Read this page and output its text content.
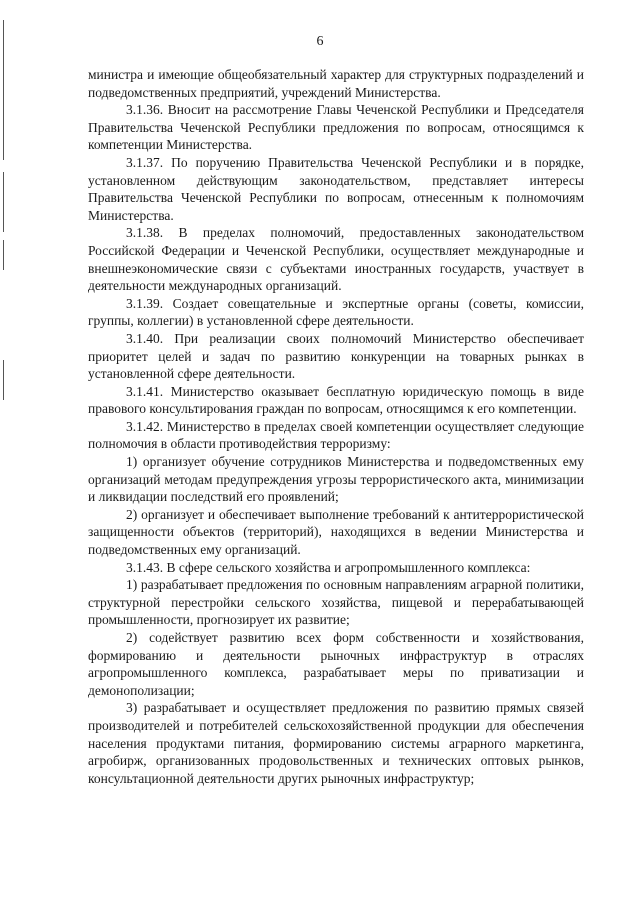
6

министра и имеющие общеобязательный характер для структурных подразделений и подведомственных предприятий, учреждений Министерства.

3.1.36. Вносит на рассмотрение Главы Чеченской Республики и Председателя Правительства Чеченской Республики предложения по вопросам, относящимся к компетенции Министерства.

3.1.37. По поручению Правительства Чеченской Республики и в порядке, установленном действующим законодательством, представляет интересы Правительства Чеченской Республики по вопросам, отнесенным к полномочиям Министерства.

3.1.38. В пределах полномочий, предоставленных законодательством Российской Федерации и Чеченской Республики, осуществляет международные и внешнеэкономические связи с субъектами иностранных государств, участвует в деятельности международных организаций.

3.1.39. Создает совещательные и экспертные органы (советы, комиссии, группы, коллегии) в установленной сфере деятельности.

3.1.40. При реализации своих полномочий Министерство обеспечивает приоритет целей и задач по развитию конкуренции на товарных рынках в установленной сфере деятельности.

3.1.41. Министерство оказывает бесплатную юридическую помощь в виде правового консультирования граждан по вопросам, относящимся к его компетенции.

3.1.42. Министерство в пределах своей компетенции осуществляет следующие полномочия в области противодействия терроризму:

1) организует обучение сотрудников Министерства и подведомственных ему организаций методам предупреждения угрозы террористического акта, минимизации и ликвидации последствий его проявлений;

2) организует и обеспечивает выполнение требований к антитеррористической защищенности объектов (территорий), находящихся в ведении Министерства и подведомственных ему организаций.

3.1.43. В сфере сельского хозяйства и агропромышленного комплекса:

1) разрабатывает предложения по основным направлениям аграрной политики, структурной перестройки сельского хозяйства, пищевой и перерабатывающей промышленности, прогнозирует их развитие;

2) содействует развитию всех форм собственности и хозяйствования, формированию и деятельности рыночных инфраструктур в отраслях агропромышленного комплекса, разрабатывает меры по приватизации и демонополизации;

3) разрабатывает и осуществляет предложения по развитию прямых связей производителей и потребителей сельскохозяйственной продукции для обеспечения населения продуктами питания, формированию системы аграрного маркетинга, агробирж, организованных продовольственных и технических оптовых рынков, консультационной деятельности других рыночных инфраструктур;
